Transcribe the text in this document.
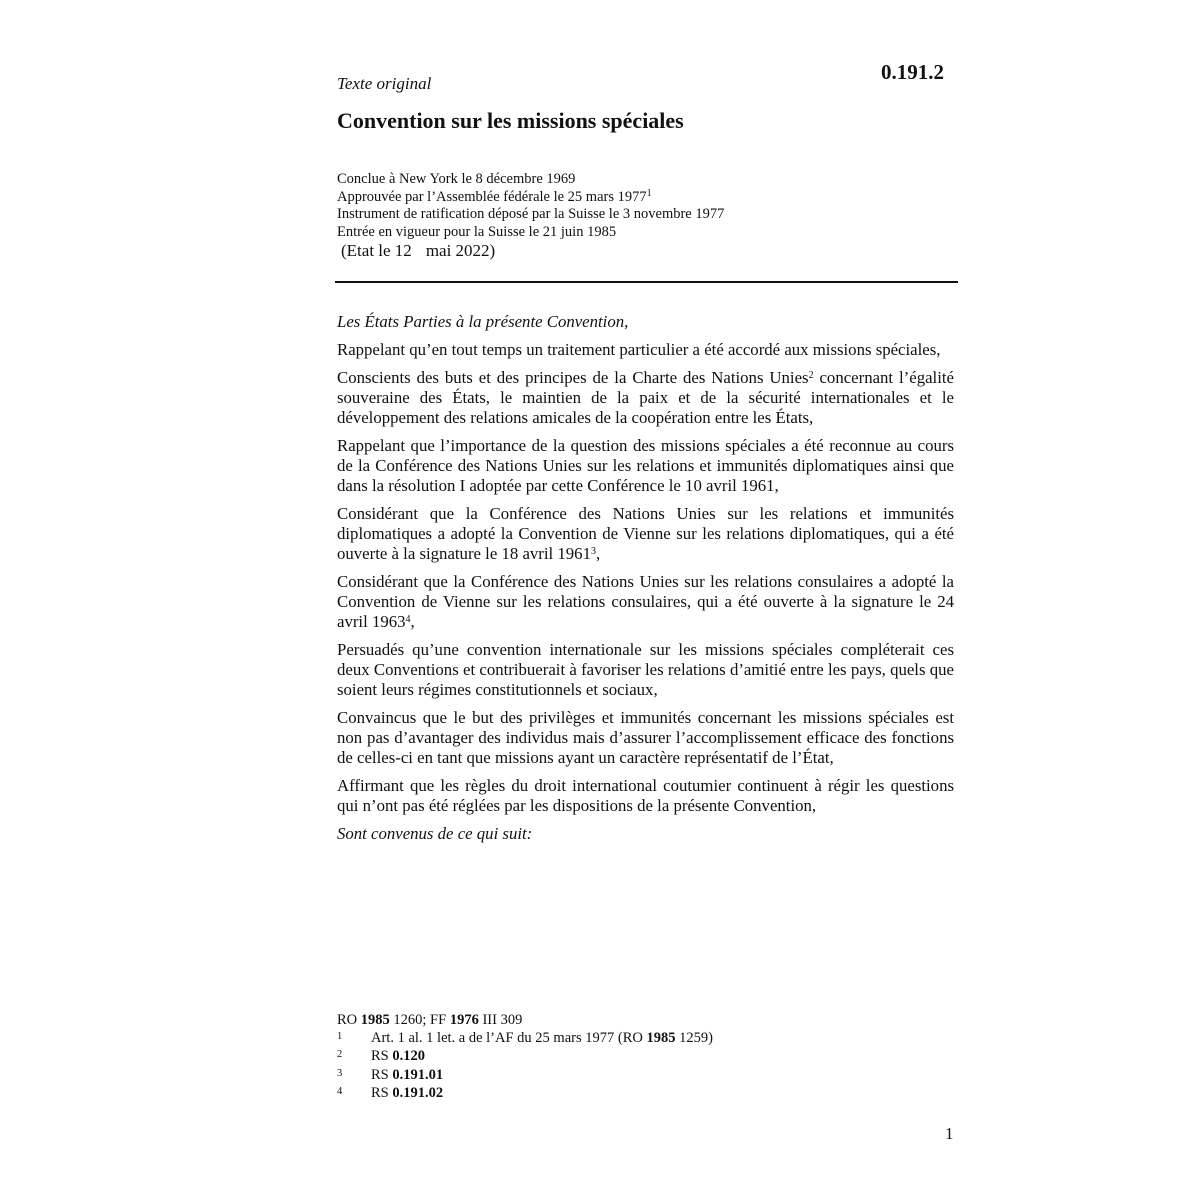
0.191.2
Texte original
Convention sur les missions spéciales
Conclue à New York le 8 décembre 1969
Approuvée par l’Assemblée fédérale le 25 mars 1977$^1$
Instrument de ratification déposé par la Suisse le 3 novembre 1977
Entrée en vigueur pour la Suisse le 21 juin 1985
(Etat le 12 mai 2022)

Les États Parties à la présente Convention,

Rappelant qu’en tout temps un traitement particulier a été accordé aux missions spéciales,

Conscients des buts et des principes de la Charte des Nations Unies$^2$ concernant l’égalité souveraine des États, le maintien de la paix et de la sécurité internationales et le développement des relations amicales de la coopération entre les États,

Rappelant que l’importance de la question des missions spéciales a été reconnue au cours de la Conférence des Nations Unies sur les relations et immunités diplomatiques ainsi que dans la résolution I adoptée par cette Conférence le 10 avril 1961,

Considérant que la Conférence des Nations Unies sur les relations et immunités diplomatiques a adopté la Convention de Vienne sur les relations diplomatiques, qui a été ouverte à la signature le 18 avril 1961$^3$,

Considérant que la Conférence des Nations Unies sur les relations consulaires a adopté la Convention de Vienne sur les relations consulaires, qui a été ouverte à la signature le 24 avril 1963$^4$,

Persuadés qu’une convention internationale sur les missions spéciales compléterait ces deux Conventions et contribuerait à favoriser les relations d’amitié entre les pays, quels que soient leurs régimes constitutionnels et sociaux,

Convaincus que le but des privilèges et immunités concernant les missions spéciales est non pas d’avantager des individus mais d’assurer l’accomplissement efficace des fonctions de celles-ci en tant que missions ayant un caractère représentatif de l’État,

Affirmant que les règles du droit international coutumier continuent à régir les questions qui n’ont pas été réglées par les dispositions de la présente Convention,

Sont convenus de ce qui suit:

RO 1985 1260; FF 1976 III 309
1	Art. 1 al. 1 let. a de l’AF du 25 mars 1977 (RO 1985 1259)
2	RS 0.120
3	RS 0.191.01
4	RS 0.191.02
1
